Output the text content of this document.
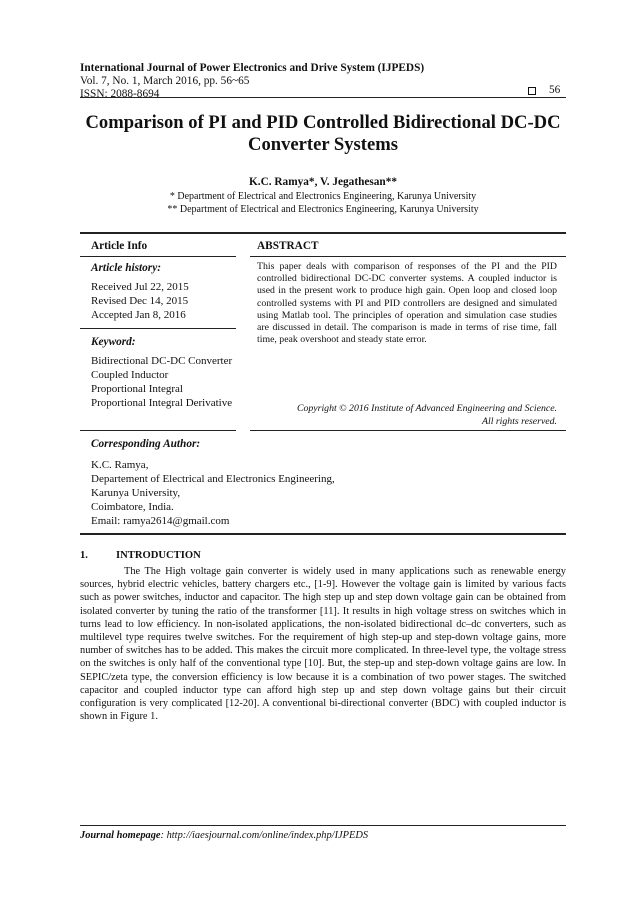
International Journal of Power Electronics and Drive System (IJPEDS)
Vol. 7, No. 1, March 2016, pp. 56~65
ISSN: 2088-8694	56
Comparison of PI and PID Controlled Bidirectional DC-DC Converter Systems
K.C. Ramya*, V. Jegathesan**
* Department of Electrical and Electronics Engineering, Karunya University
** Department of Electrical and Electronics Engineering, Karunya University
Article Info
Article history:
Received Jul 22, 2015
Revised Dec 14, 2015
Accepted Jan 8, 2016
Keyword:
Bidirectional DC-DC Converter
Coupled Inductor
Proportional Integral
Proportional Integral Derivative
ABSTRACT
This paper deals with comparison of responses of the PI and the PID controlled bidirectional DC-DC converter systems. A coupled inductor is used in the present work to produce high gain. Open loop and closed loop controlled systems with PI and PID controllers are designed and simulated using Matlab tool. The principles of operation and simulation case studies are discussed in detail. The comparison is made in terms of rise time, fall time, peak overshoot and steady state error.
Copyright © 2016 Institute of Advanced Engineering and Science.
All rights reserved.
Corresponding Author:
K.C. Ramya,
Departement of Electrical and Electronics Engineering,
Karunya University,
Coimbatore, India.
Email: ramya2614@gmail.com
1.	INTRODUCTION
The The High voltage gain converter is widely used in many applications such as renewable energy sources, hybrid electric vehicles, battery chargers etc., [1-9]. However the voltage gain is limited by various facts such as power switches, inductor and capacitor. The high step up and step down voltage gain can be obtained from isolated converter by tuning the ratio of the transformer [11]. It results in high voltage stress on switches which in turns lead to low efficiency. In non-isolated applications, the non-isolated bidirectional dc–dc converters, such as multilevel type requires twelve switches. For the requirement of high step-up and step-down voltage gains, more number of switches has to be added. This makes the circuit more complicated. In three-level type, the voltage stress on the switches is only half of the conventional type [10]. But, the step-up and step-down voltage gains are low. In SEPIC/zeta type, the conversion efficiency is low because it is a combination of two power stages. The switched capacitor and coupled inductor type can afford high step up and step down voltage gains but their circuit configuration is very complicated [12-20]. A conventional bi-directional converter (BDC) with coupled inductor is shown in Figure 1.
Journal homepage: http://iaesjournal.com/online/index.php/IJPEDS
